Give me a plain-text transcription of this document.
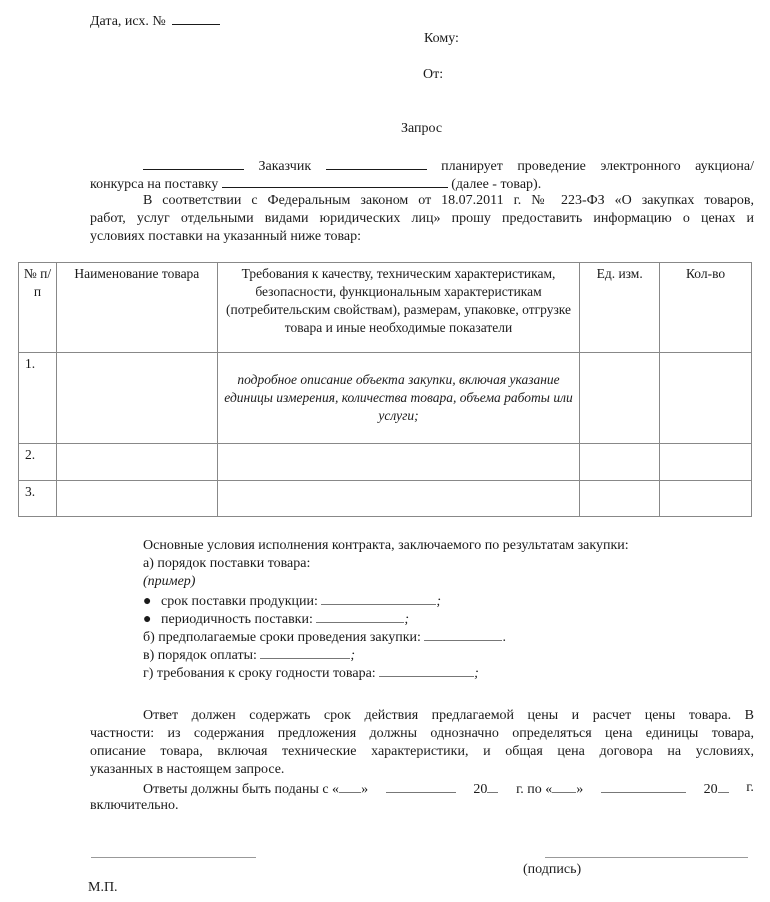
Дата, исх. №
Кому:
От:
Запрос
Заказчик	планирует проведение электронного аукциона/
конкурса на поставку	(далее - товар).
В соответствии с Федеральным законом от 18.07.2011 г. № 223-ФЗ «О закупках товаров,
работ, услуг отдельными видами юридических лиц» прошу предоставить информацию о ценах и
условиях поставки на указанный ниже товар:
№ п/п	Наименование товара	Требования к качеству, техническим характеристикам, безопасности, функциональным характеристикам (потребительским свойствам), размерам, упаковке, отгрузке товара и иные необходимые показатели	Ед. изм.	Кол-во
1.		подробное описание объекта закупки, включая указание единицы измерения, количества товара, объема работы или услуги;		
2.				
3.				
Основные условия исполнения контракта, заключаемого по результатам закупки:
а) порядок поставки товара:
(пример)
● срок поставки продукции:	;
● периодичность поставки:	;
б) предполагаемые сроки проведения закупки:	.
в) порядок оплаты:	;
г) требования к сроку годности товара:	;
Ответ должен содержать срок действия предлагаемой цены и расчет цены товара. В
частности: из содержания предложения должны однозначно определяться цена единицы товара,
описание товара, включая технические характеристики, и общая цена договора на условиях,
указанных в настоящем запросе.
Ответы должны быть поданы с « »	20	г. по « »	20	г.
включительно.
(подпись)
М.П.
